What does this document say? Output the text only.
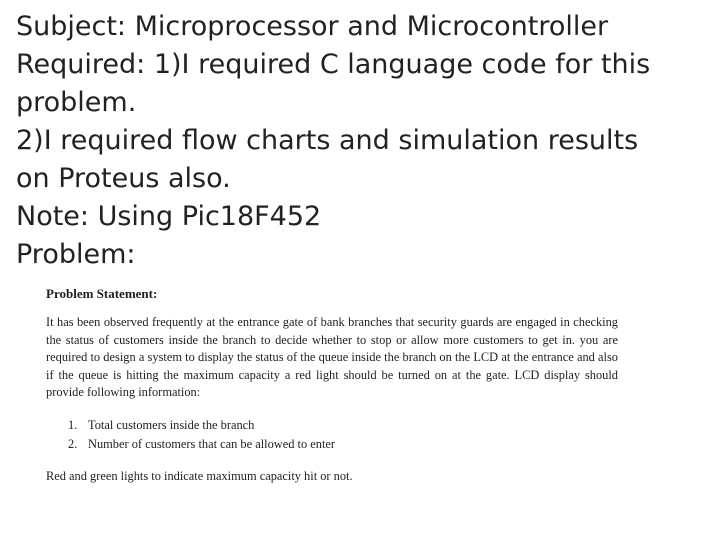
Subject: Microprocessor and Microcontroller
Required: 1)I required C language code for this
problem.
2)I required flow charts and simulation results
on Proteus also.
Note: Using Pic18F452
Problem:

Problem Statement:

It has been observed frequently at the entrance gate of bank branches that security guards are engaged in checking the status of customers inside the branch to decide whether to stop or allow more customers to get in. you are required to design a system to display the status of the queue inside the branch on the LCD at the entrance and also if the queue is hitting the maximum capacity a red light should be turned on at the gate. LCD display should provide following information:

1. Total customers inside the branch
2. Number of customers that can be allowed to enter

Red and green lights to indicate maximum capacity hit or not.
